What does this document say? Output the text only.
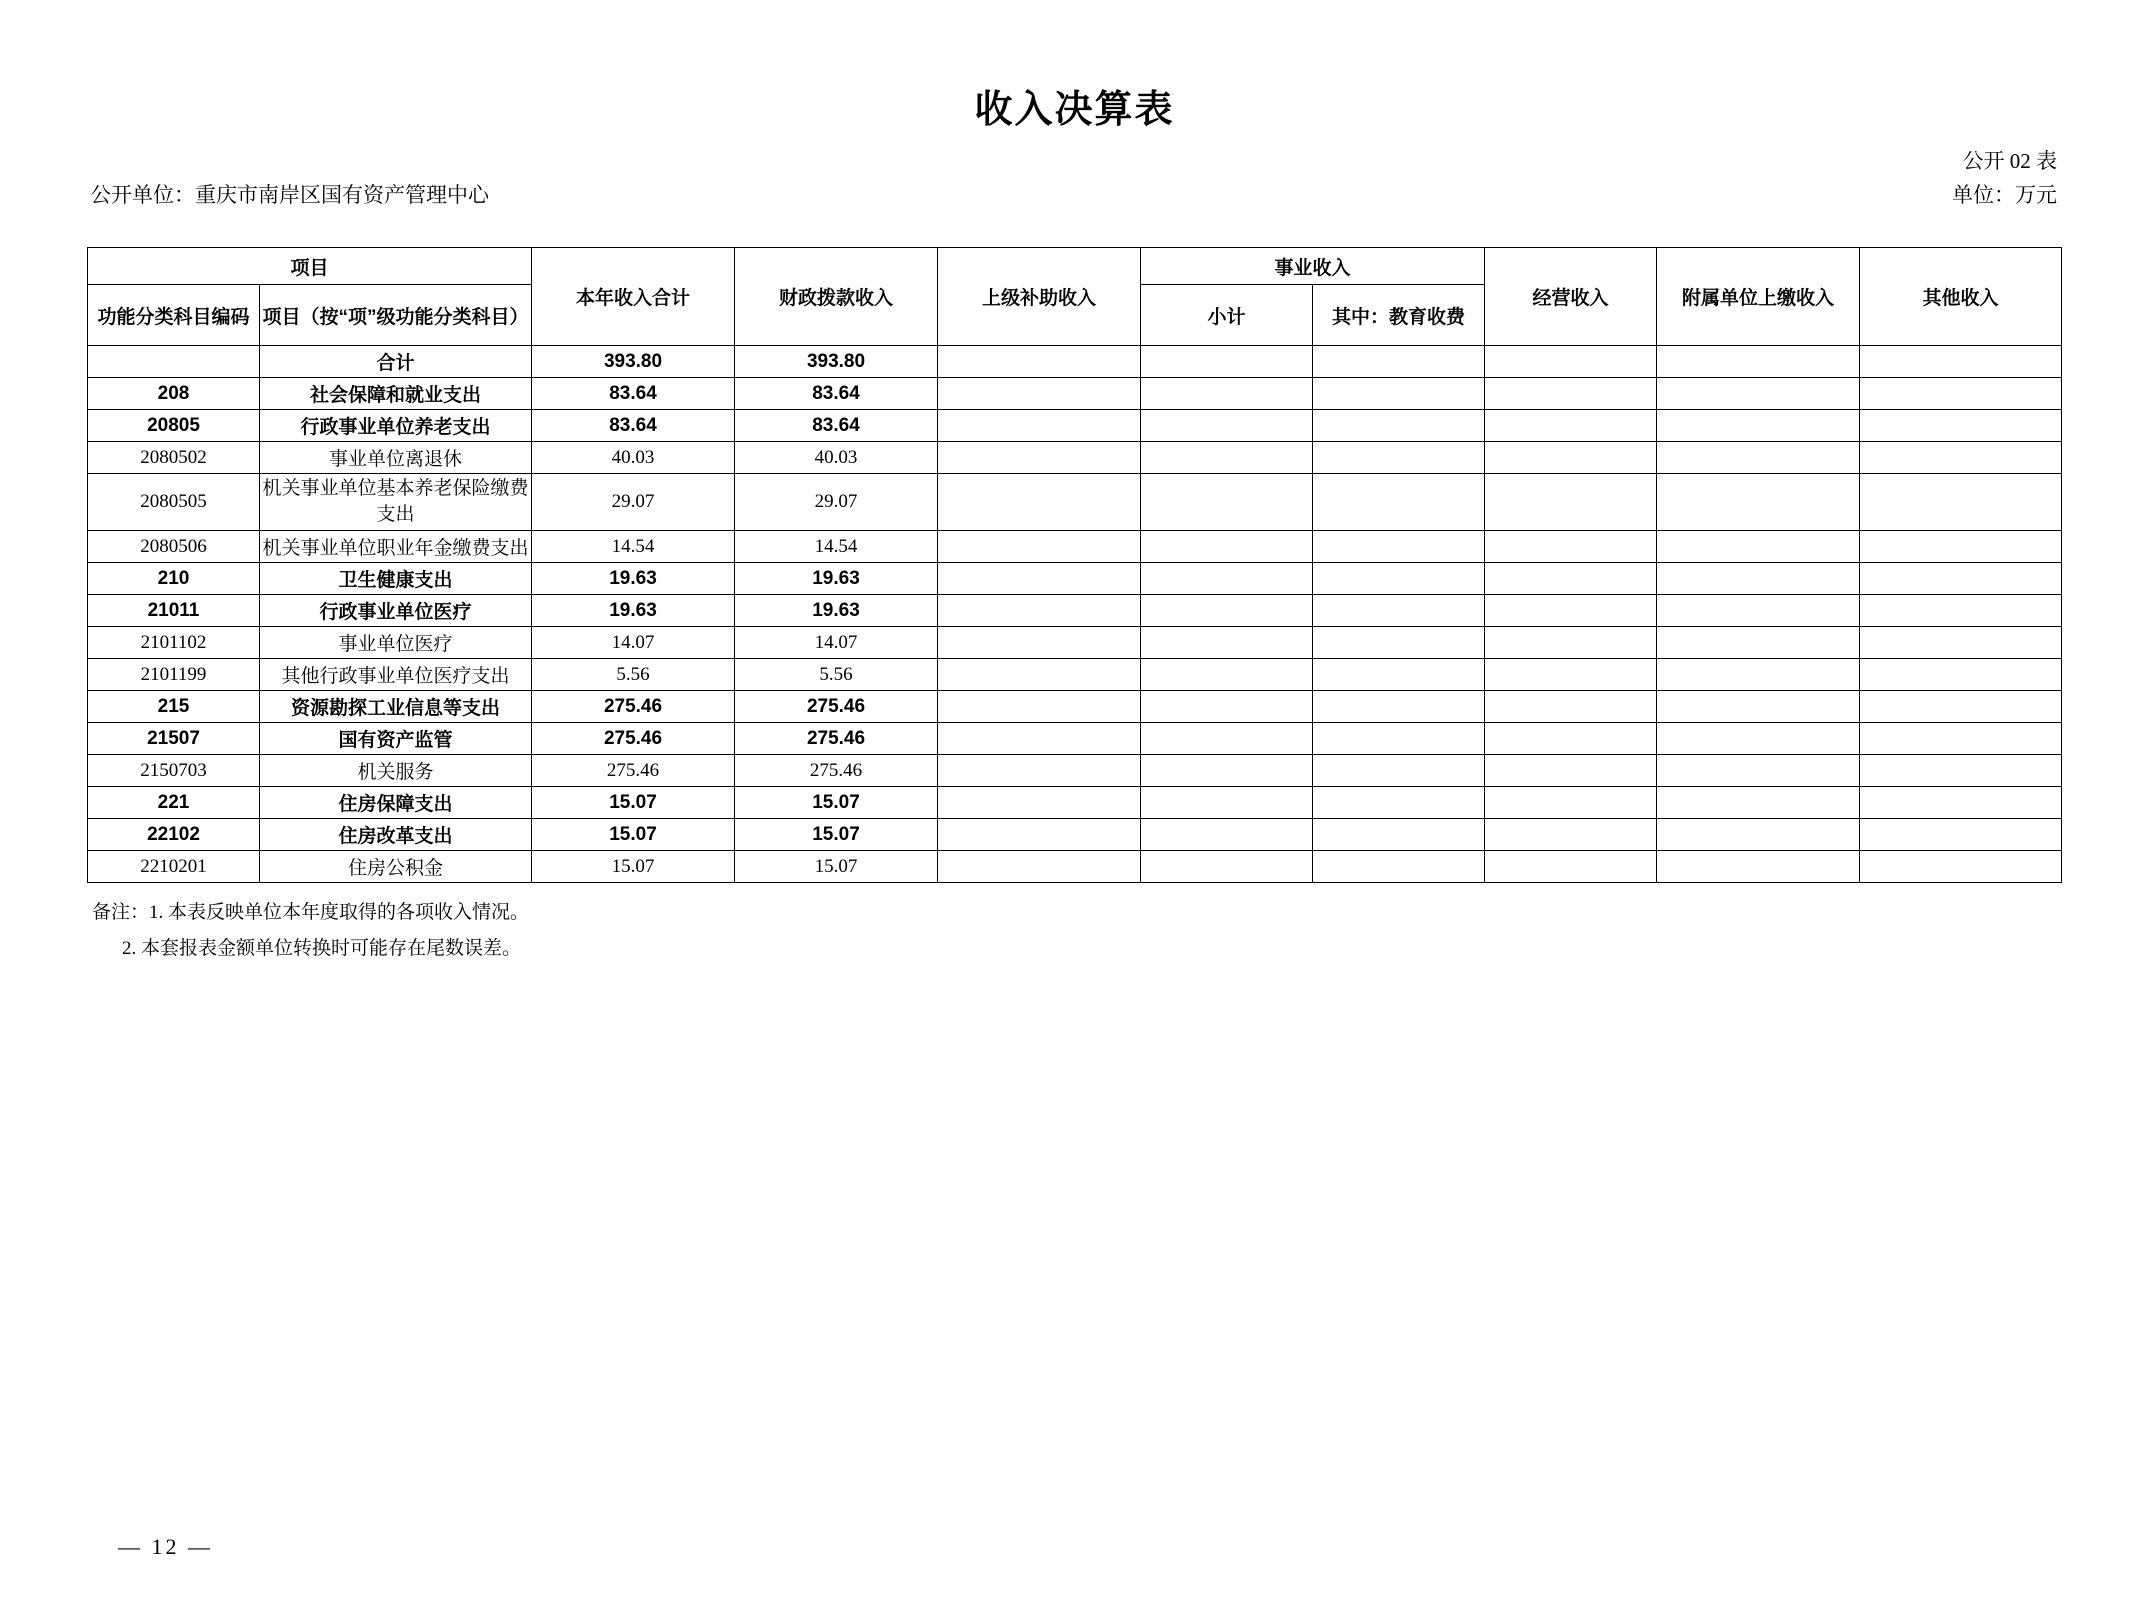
收入决算表
公开 02 表
公开单位：重庆市南岸区国有资产管理中心	单位：万元
项目		本年收入合计	财政拨款收入	上级补助收入	事业收入		经营收入	附属单位上缴收入	其他收入
功能分类科目编码	项目（按“项”级功能分类科目）				小计	其中：教育收费			
	合计	393.80	393.80						
208	社会保障和就业支出	83.64	83.64						
20805	行政事业单位养老支出	83.64	83.64						
2080502	事业单位离退休	40.03	40.03						
2080505	机关事业单位基本养老保险缴费支出	29.07	29.07						
2080506	机关事业单位职业年金缴费支出	14.54	14.54						
210	卫生健康支出	19.63	19.63						
21011	行政事业单位医疗	19.63	19.63						
2101102	事业单位医疗	14.07	14.07						
2101199	其他行政事业单位医疗支出	5.56	5.56						
215	资源勘探工业信息等支出	275.46	275.46						
21507	国有资产监管	275.46	275.46						
2150703	机关服务	275.46	275.46						
221	住房保障支出	15.07	15.07						
22102	住房改革支出	15.07	15.07						
2210201	住房公积金	15.07	15.07						
备注：1. 本表反映单位本年度取得的各项收入情况。
2. 本套报表金额单位转换时可能存在尾数误差。
— 12 —
